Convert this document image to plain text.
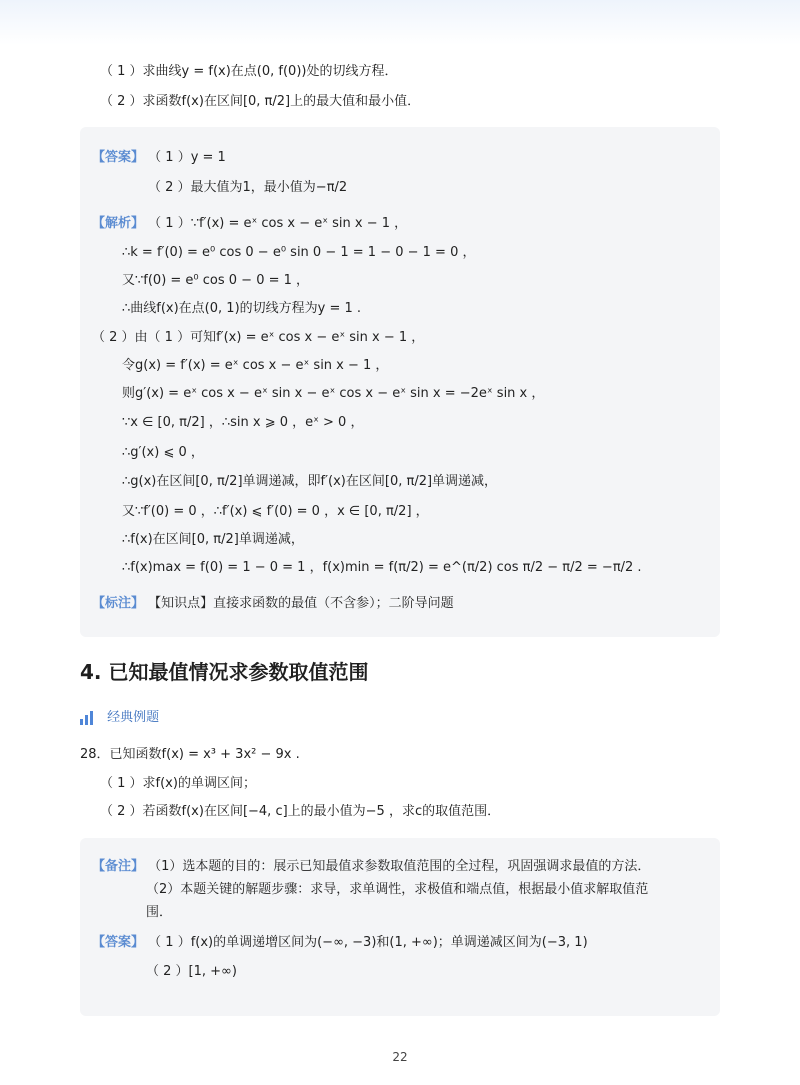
（ 1 ）求曲线y = f(x)在点(0, f(0))处的切线方程．
（ 2 ）求函数f(x)在区间[0, π/2]上的最大值和最小值．
【答案】 （ 1 ）y = 1
（ 2 ）最大值为1，最小值为−π/2
【解析】 （ 1 ）∵f′(x) = eˣ cos x − eˣ sin x − 1 ，
∴k = f′(0) = e⁰ cos 0 − e⁰ sin 0 − 1 = 1 − 0 − 1 = 0 ，
又∵f(0) = e⁰ cos 0 − 0 = 1 ，
∴曲线f(x)在点(0, 1)的切线方程为y = 1 .
（ 2 ）由（ 1 ）可知f′(x) = eˣ cos x − eˣ sin x − 1 ，
令g(x) = f′(x) = eˣ cos x − eˣ sin x − 1 ，
则g′(x) = eˣ cos x − eˣ sin x − eˣ cos x − eˣ sin x = −2eˣ sin x ，
∵x ∈ [0, π/2] ，∴sin x ⩾ 0 ，eˣ > 0 ，
∴g′(x) ⩽ 0 ，
∴g(x)在区间[0, π/2]单调递减，即f′(x)在区间[0, π/2]单调递减，
又∵f′(0) = 0 ，∴f′(x) ⩽ f′(0) = 0 ，x ∈ [0, π/2] ，
∴f(x)在区间[0, π/2]单调递减，
∴f(x)max = f(0) = 1 − 0 = 1 ，f(x)min = f(π/2) = e^(π/2) cos π/2 − π/2 = −π/2 .
【标注】 【知识点】直接求函数的最值（不含参）；二阶导问题
4. 已知最值情况求参数取值范围
经典例题
28．已知函数f(x) = x³ + 3x² − 9x .
（ 1 ）求f(x)的单调区间；
（ 2 ）若函数f(x)在区间[−4, c]上的最小值为−5 ，求c的取值范围．
【备注】 （1）选本题的目的：展示已知最值求参数取值范围的全过程，巩固强调求最值的方法．
（2）本题关键的解题步骤：求导，求单调性，求极值和端点值，根据最小值求解取值范
围．
【答案】 （ 1 ）f(x)的单调递增区间为(−∞, −3)和(1, +∞)；单调递减区间为(−3, 1)
（ 2 ）[1, +∞)
22
